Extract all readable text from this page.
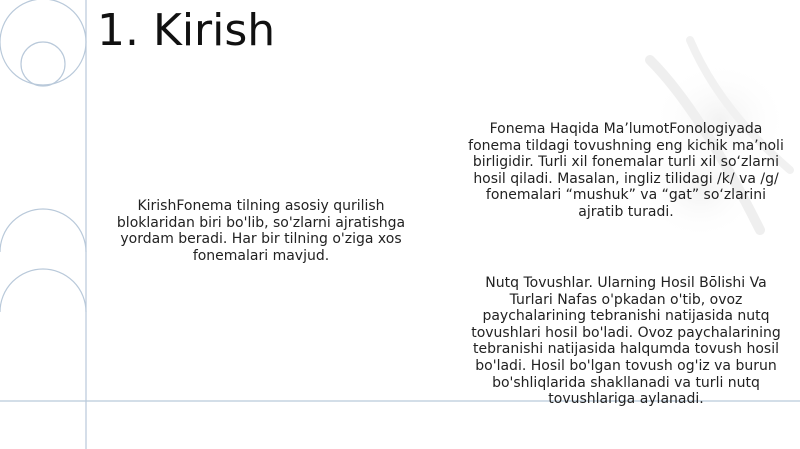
1. Kirish
KirishFonema tilning asosiy qurilish bloklaridan biri bo'lib, so'zlarni ajratishga yordam beradi. Har bir tilning o'ziga xos fonemalari mavjud.
Fonema Haqida Ma’lumotFonologiyada fonema tildagi tovushning eng kichik ma’noli birligidir. Turli xil fonemalar turli xil so‘zlarni hosil qiladi. Masalan, ingliz tilidagi /k/ va /g/ fonemalari “mushuk” va “gat” so‘zlarini ajratib turadi.
Nutq Tovushlar. Ularning Hosil Bōlishi Va Turlari Nafas o'pkadan o'tib, ovoz paychalarining tebranishi natijasida nutq tovushlari hosil bo'ladi. Ovoz paychalarining tebranishi natijasida halqumda tovush hosil bo'ladi. Hosil bo'lgan tovush og'iz va burun bo'shliqlarida shakllanadi va turli nutq tovushlariga aylanadi.
